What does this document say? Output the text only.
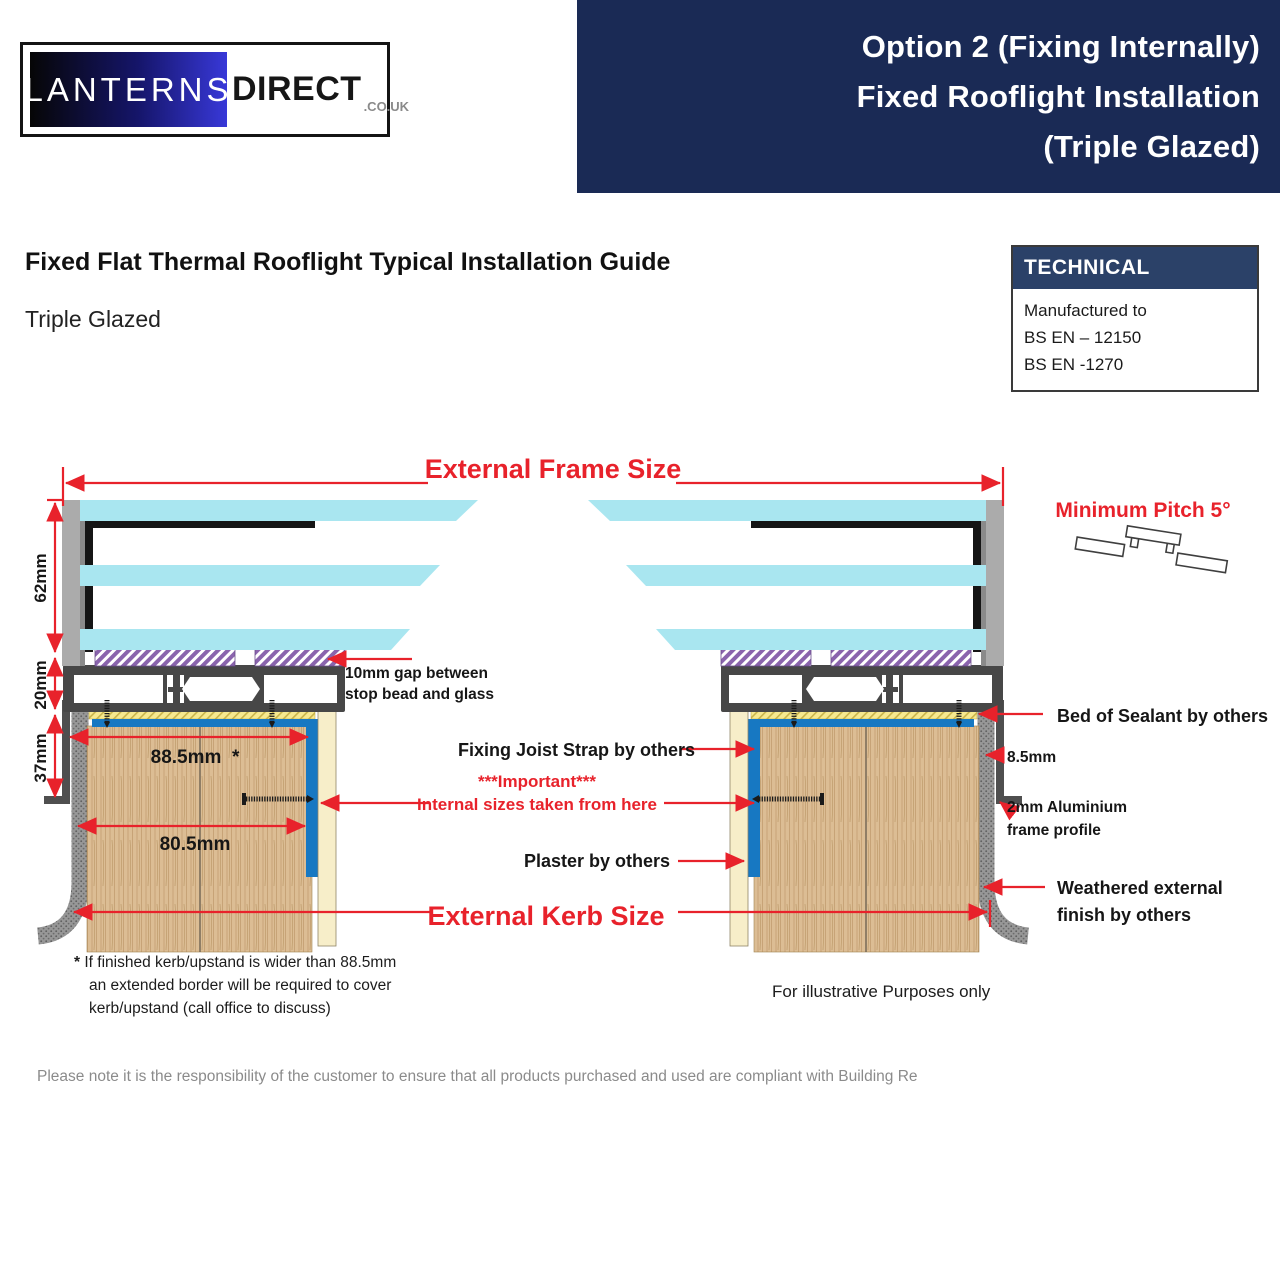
LANTERNS DIRECT .CO.UK
Option 2 (Fixing Internally)
Fixed Rooflight Installation
(Triple Glazed)
Fixed Flat Thermal Rooflight Typical Installation Guide
Triple Glazed
TECHNICAL
Manufactured to
BS EN – 12150
BS EN -1270
External Frame Size
Minimum Pitch 5°
62mm
20mm
37mm	88.5mm  *
80.5mm
10mm gap between
stop bead and glass
Fixing Joist Strap by others
***Important***
Internal sizes taken from here
Plaster by others
External Kerb Size
Bed of Sealant by others
8.5mm
2mm Aluminium
frame profile
Weathered external
finish by others
* If finished kerb/upstand is wider than 88.5mm
an extended border will be required to cover
kerb/upstand (call office to discuss)
For illustrative Purposes only
Please note it is the responsibility of the customer to ensure that all products purchased and used are compliant with Building Re
